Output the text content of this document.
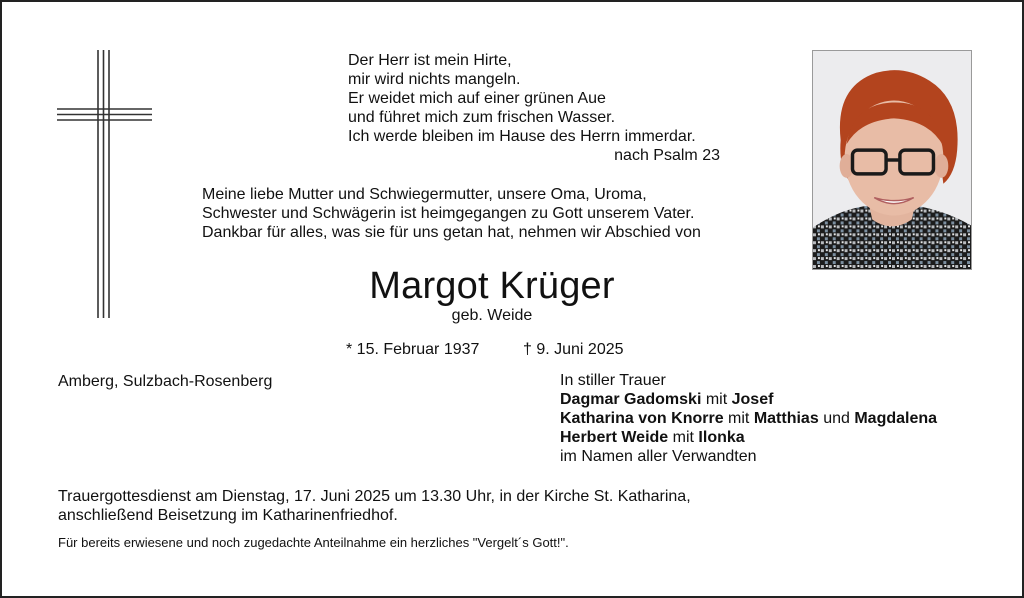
Der Herr ist mein Hirte,
mir wird nichts mangeln.
Er weidet mich auf einer grünen Aue
und führet mich zum frischen Wasser.
Ich werde bleiben im Hause des Herrn immerdar.
nach Psalm 23
Meine liebe Mutter und Schwiegermutter, unsere Oma, Uroma,
Schwester und Schwägerin ist heimgegangen zu Gott unserem Vater.
Dankbar für alles, was sie für uns getan hat, nehmen wir Abschied von
Margot Krüger
geb. Weide
* 15. Februar 1937	† 9. Juni 2025
Amberg, Sulzbach-Rosenberg	In stiller Trauer
Dagmar Gadomski mit Josef
Katharina von Knorre mit Matthias und Magdalena
Herbert Weide mit Ilonka
im Namen aller Verwandten
Trauergottesdienst am Dienstag, 17. Juni 2025 um 13.30 Uhr, in der Kirche St. Katharina,
anschließend Beisetzung im Katharinenfriedhof.
Für bereits erwiesene und noch zugedachte Anteilnahme ein herzliches "Vergelt´s Gott!".
